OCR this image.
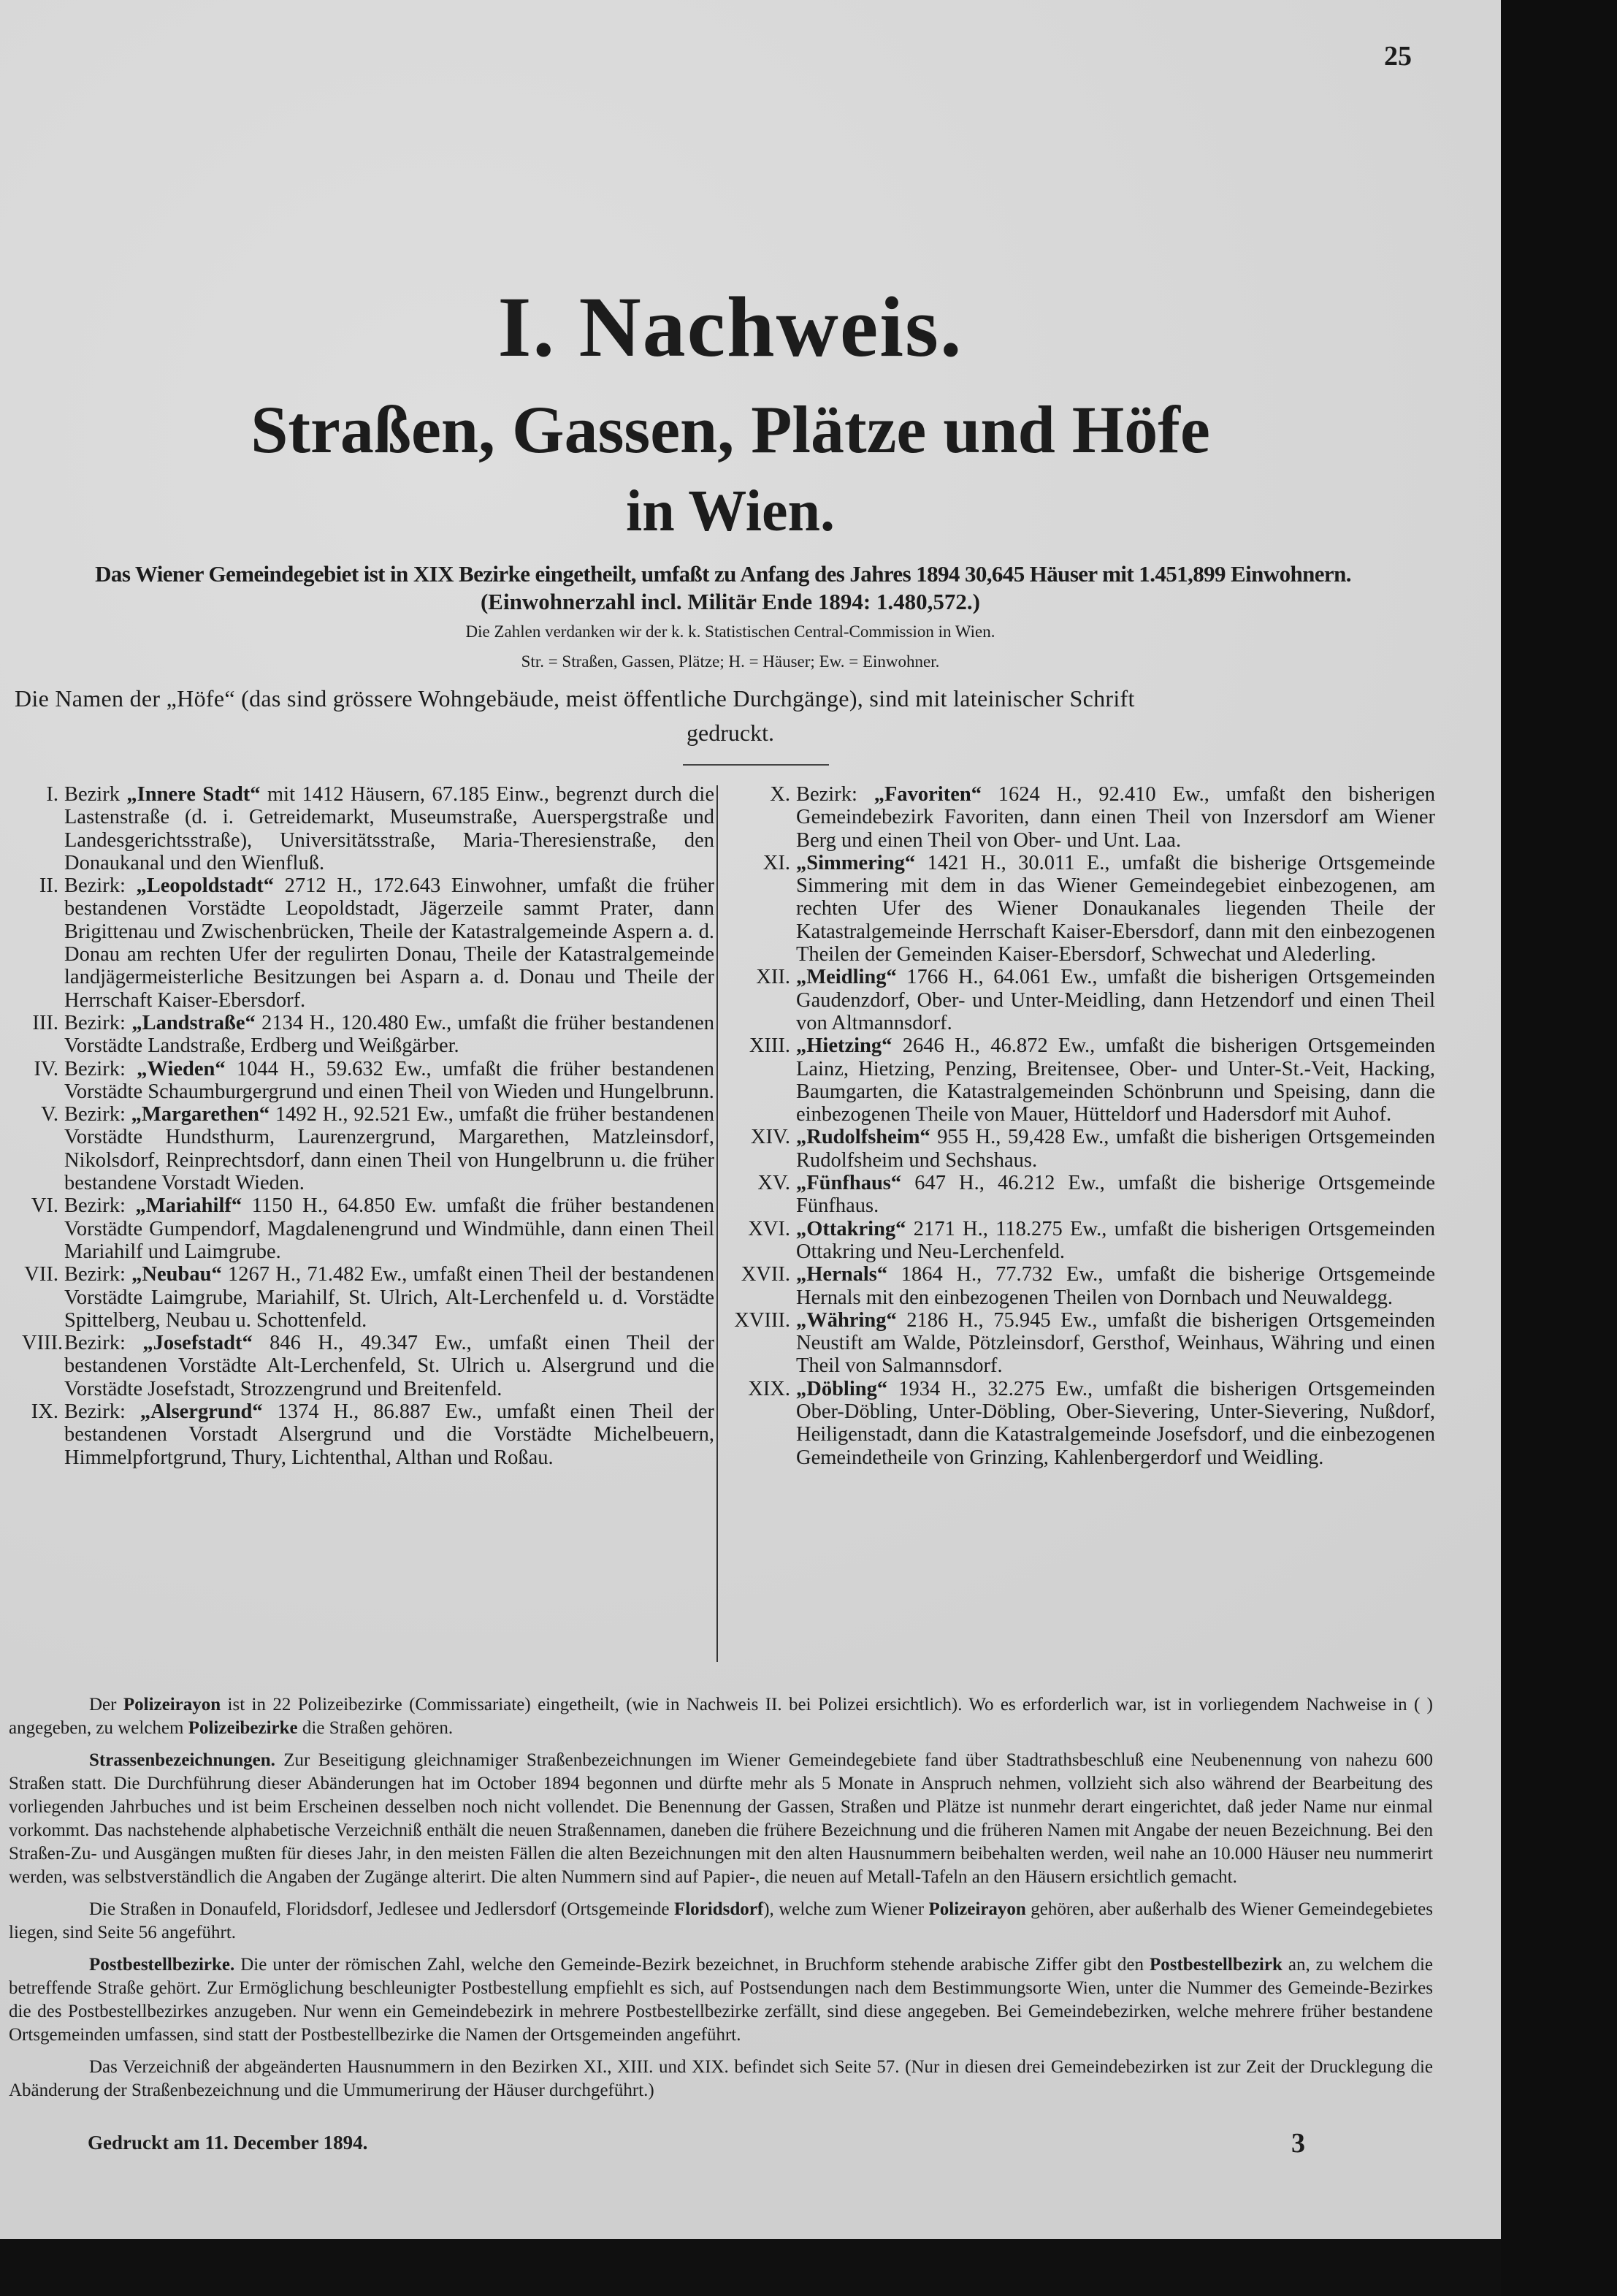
25
I. Nachweis.
Straßen, Gassen, Plätze und Höfe
in Wien.
Das Wiener Gemeindegebiet ist in XIX Bezirke eingetheilt, umfaßt zu Anfang des Jahres 1894 30,645 Häuser mit 1.451,899 Einwohnern.
(Einwohnerzahl incl. Militär Ende 1894: 1.480,572.)
Die Zahlen verdanken wir der k. k. Statistischen Central-Commission in Wien.
Str. = Straßen, Gassen, Plätze; H. = Häuser; Ew. = Einwohner.
Die Namen der „Höfe“ (das sind grössere Wohngebäude, meist öffentliche Durchgänge), sind mit lateinischer Schrift
gedruckt.
I. Bezirk „Innere Stadt“ mit 1412 Häusern, 67.185 Einw., begrenzt durch die Lastenstraße (d. i. Getreidemarkt, Museumstraße, Auerspergstraße und Landesgerichtsstraße), Universitätsstraße, Maria-Theresienstraße, den Donaukanal und den Wienfluß.
II. Bezirk: „Leopoldstadt“ 2712 H., 172.643 Einwohner, umfaßt die früher bestandenen Vorstädte Leopoldstadt, Jägerzeile sammt Prater, dann Brigittenau und Zwischenbrücken, Theile der Katastralgemeinde Aspern a. d. Donau am rechten Ufer der regulirten Donau, Theile der Katastralgemeinde landjägermeisterliche Besitzungen bei Asparn a. d. Donau und Theile der Herrschaft Kaiser-Ebersdorf.
III. Bezirk: „Landstraße“ 2134 H., 120.480 Ew., umfaßt die früher bestandenen Vorstädte Landstraße, Erdberg und Weißgärber.
IV. Bezirk: „Wieden“ 1044 H., 59.632 Ew., umfaßt die früher bestandenen Vorstädte Schaumburgergrund und einen Theil von Wieden und Hungelbrunn.
V. Bezirk: „Margarethen“ 1492 H., 92.521 Ew., umfaßt die früher bestandenen Vorstädte Hundsthurm, Laurenzergrund, Margarethen, Matzleinsdorf, Nikolsdorf, Reinprechtsdorf, dann einen Theil von Hungelbrunn u. die früher bestandene Vorstadt Wieden.
VI. Bezirk: „Mariahilf“ 1150 H., 64.850 Ew. umfaßt die früher bestandenen Vorstädte Gumpendorf, Magdalenengrund und Windmühle, dann einen Theil Mariahilf und Laimgrube.
VII. Bezirk: „Neubau“ 1267 H., 71.482 Ew., umfaßt einen Theil der bestandenen Vorstädte Laimgrube, Mariahilf, St. Ulrich, Alt-Lerchenfeld u. d. Vorstädte Spittelberg, Neubau u. Schottenfeld.
VIII. Bezirk: „Josefstadt“ 846 H., 49.347 Ew., umfaßt einen Theil der bestandenen Vorstädte Alt-Lerchenfeld, St. Ulrich u. Alsergrund und die Vorstädte Josefstadt, Strozzengrund und Breitenfeld.
IX. Bezirk: „Alsergrund“ 1374 H., 86.887 Ew., umfaßt einen Theil der bestandenen Vorstadt Alsergrund und die Vorstädte Michelbeuern, Himmelpfortgrund, Thury, Lichtenthal, Althan und Roßau.
X. Bezirk: „Favoriten“ 1624 H., 92.410 Ew., umfaßt den bisherigen Gemeindebezirk Favoriten, dann einen Theil von Inzersdorf am Wiener Berg und einen Theil von Ober- und Unt. Laa.
XI. „Simmering“ 1421 H., 30.011 E., umfaßt die bisherige Ortsgemeinde Simmering mit dem in das Wiener Gemeindegebiet einbezogenen, am rechten Ufer des Wiener Donaukanales liegenden Theile der Katastralgemeinde Herrschaft Kaiser-Ebersdorf, dann mit den einbezogenen Theilen der Gemeinden Kaiser-Ebersdorf, Schwechat und Alederling.
XII. „Meidling“ 1766 H., 64.061 Ew., umfaßt die bisherigen Ortsgemeinden Gaudenzdorf, Ober- und Unter-Meidling, dann Hetzendorf und einen Theil von Altmannsdorf.
XIII. „Hietzing“ 2646 H., 46.872 Ew., umfaßt die bisherigen Ortsgemeinden Lainz, Hietzing, Penzing, Breitensee, Ober- und Unter-St.-Veit, Hacking, Baumgarten, die Katastralgemeinden Schönbrunn und Speising, dann die einbezogenen Theile von Mauer, Hütteldorf und Hadersdorf mit Auhof.
XIV. „Rudolfsheim“ 955 H., 59,428 Ew., umfaßt die bisherigen Ortsgemeinden Rudolfsheim und Sechshaus.
XV. „Fünfhaus“ 647 H., 46.212 Ew., umfaßt die bisherige Ortsgemeinde Fünfhaus.
XVI. „Ottakring“ 2171 H., 118.275 Ew., umfaßt die bisherigen Ortsgemeinden Ottakring und Neu-Lerchenfeld.
XVII. „Hernals“ 1864 H., 77.732 Ew., umfaßt die bisherige Ortsgemeinde Hernals mit den einbezogenen Theilen von Dornbach und Neuwaldegg.
XVIII. „Währing“ 2186 H., 75.945 Ew., umfaßt die bisherigen Ortsgemeinden Neustift am Walde, Pötzleinsdorf, Gersthof, Weinhaus, Währing und einen Theil von Salmannsdorf.
XIX. „Döbling“ 1934 H., 32.275 Ew., umfaßt die bisherigen Ortsgemeinden Ober-Döbling, Unter-Döbling, Ober-Sievering, Unter-Sievering, Nußdorf, Heiligenstadt, dann die Katastralgemeinde Josefsdorf, und die einbezogenen Gemeindetheile von Grinzing, Kahlenbergerdorf und Weidling.

Der Polizeirayon ist in 22 Polizeibezirke (Commissariate) eingetheilt, (wie in Nachweis II. bei Polizei ersichtlich). Wo es erforderlich war, ist in vorliegendem Nachweise in ( ) angegeben, zu welchem Polizeibezirke die Straßen gehören.

Strassenbezeichnungen. Zur Beseitigung gleichnamiger Straßenbezeichnungen im Wiener Gemeindegebiete fand über Stadtrathsbeschluß eine Neubenennung von nahezu 600 Straßen statt. Die Durchführung dieser Abänderungen hat im October 1894 begonnen und dürfte mehr als 5 Monate in Anspruch nehmen, vollzieht sich also während der Bearbeitung des vorliegenden Jahrbuches und ist beim Erscheinen desselben noch nicht vollendet. Die Benennung der Gassen, Straßen und Plätze ist nunmehr derart eingerichtet, daß jeder Name nur einmal vorkommt. Das nachstehende alphabetische Verzeichniß enthält die neuen Straßennamen, daneben die frühere Bezeichnung und die früheren Namen mit Angabe der neuen Bezeichnung. Bei den Straßen-Zu- und Ausgängen mußten für dieses Jahr, in den meisten Fällen die alten Bezeichnungen mit den alten Hausnummern beibehalten werden, weil nahe an 10.000 Häuser neu nummerirt werden, was selbstverständlich die Angaben der Zugänge alterirt. Die alten Nummern sind auf Papier-, die neuen auf Metall-Tafeln an den Häusern ersichtlich gemacht.

Die Straßen in Donaufeld, Floridsdorf, Jedlesee und Jedlersdorf (Ortsgemeinde Floridsdorf), welche zum Wiener Polizeirayon gehören, aber außerhalb des Wiener Gemeindegebietes liegen, sind Seite 56 angeführt.

Postbestellbezirke. Die unter der römischen Zahl, welche den Gemeinde-Bezirk bezeichnet, in Bruchform stehende arabische Ziffer gibt den Postbestellbezirk an, zu welchem die betreffende Straße gehört. Zur Ermöglichung beschleunigter Postbestellung empfiehlt es sich, auf Postsendungen nach dem Bestimmungsorte Wien, unter die Nummer des Gemeinde-Bezirkes die des Postbestellbezirkes anzugeben. Nur wenn ein Gemeindebezirk in mehrere Postbestellbezirke zerfällt, sind diese angegeben. Bei Gemeindebezirken, welche mehrere früher bestandene Ortsgemeinden umfassen, sind statt der Postbestellbezirke die Namen der Ortsgemeinden angeführt.

Das Verzeichniß der abgeänderten Hausnummern in den Bezirken XI., XIII. und XIX. befindet sich Seite 57. (Nur in diesen drei Gemeindebezirken ist zur Zeit der Drucklegung die Abänderung der Straßenbezeichnung und die Ummumerirung der Häuser durchgeführt.)

Gedruckt am 11. December 1894.	3
